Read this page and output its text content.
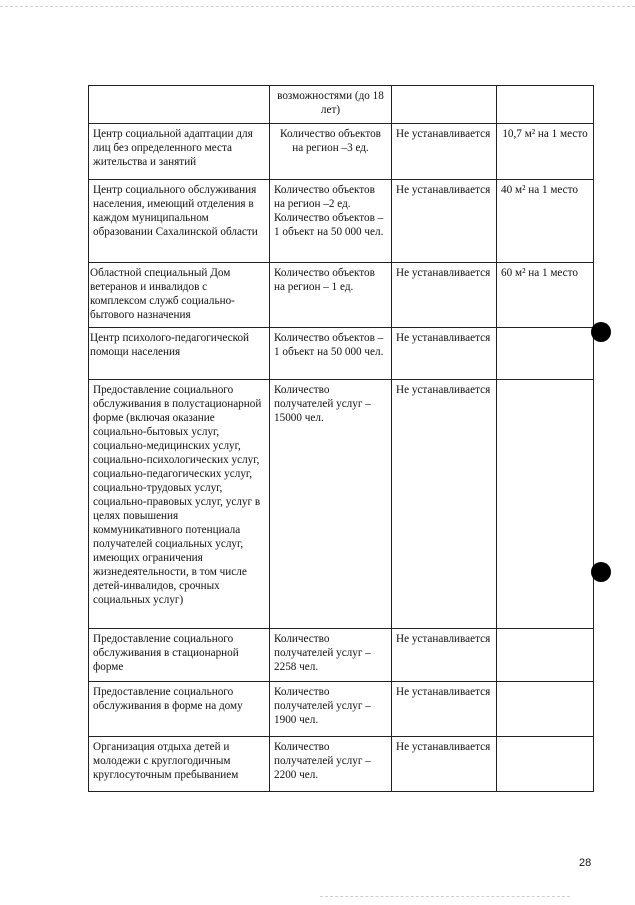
	возможностями (до 18 лет)		
Центр социальной адаптации для лиц без определенного места жительства и занятий	Количество объектов на регион –3 ед.	Не устанавливается	10,7 м² на 1 место
Центр социального обслуживания населения, имеющий отделения в каждом муниципальном образовании Сахалинской области	Количество объектов на регион –2 ед. Количество объектов – 1 объект на 50 000 чел.	Не устанавливается	40 м² на 1 место
Областной специальный Дом ветеранов и инвалидов с комплексом служб социально-бытового назначения	Количество объектов на регион – 1 ед.	Не устанавливается	60 м² на 1 место
Центр психолого-педагогической помощи населения	Количество объектов – 1 объект на 50 000 чел.	Не устанавливается	
Предоставление социального обслуживания в полустационарной форме (включая оказание социально-бытовых услуг, социально-медицинских услуг, социально-психологических услуг, социально-педагогических услуг, социально-трудовых услуг, социально-правовых услуг, услуг в целях повышения коммуникативного потенциала получателей социальных услуг, имеющих ограничения жизнедеятельности, в том числе детей-инвалидов, срочных социальных услуг)	Количество получателей услуг – 15000 чел.	Не устанавливается	
Предоставление социального обслуживания в стационарной форме	Количество получателей услуг – 2258 чел.	Не устанавливается	
Предоставление социального обслуживания в форме на дому	Количество получателей услуг – 1900 чел.	Не устанавливается	
Организация отдыха детей и молодежи с круглогодичным круглосуточным пребыванием	Количество получателей услуг – 2200 чел.	Не устанавливается	
28
